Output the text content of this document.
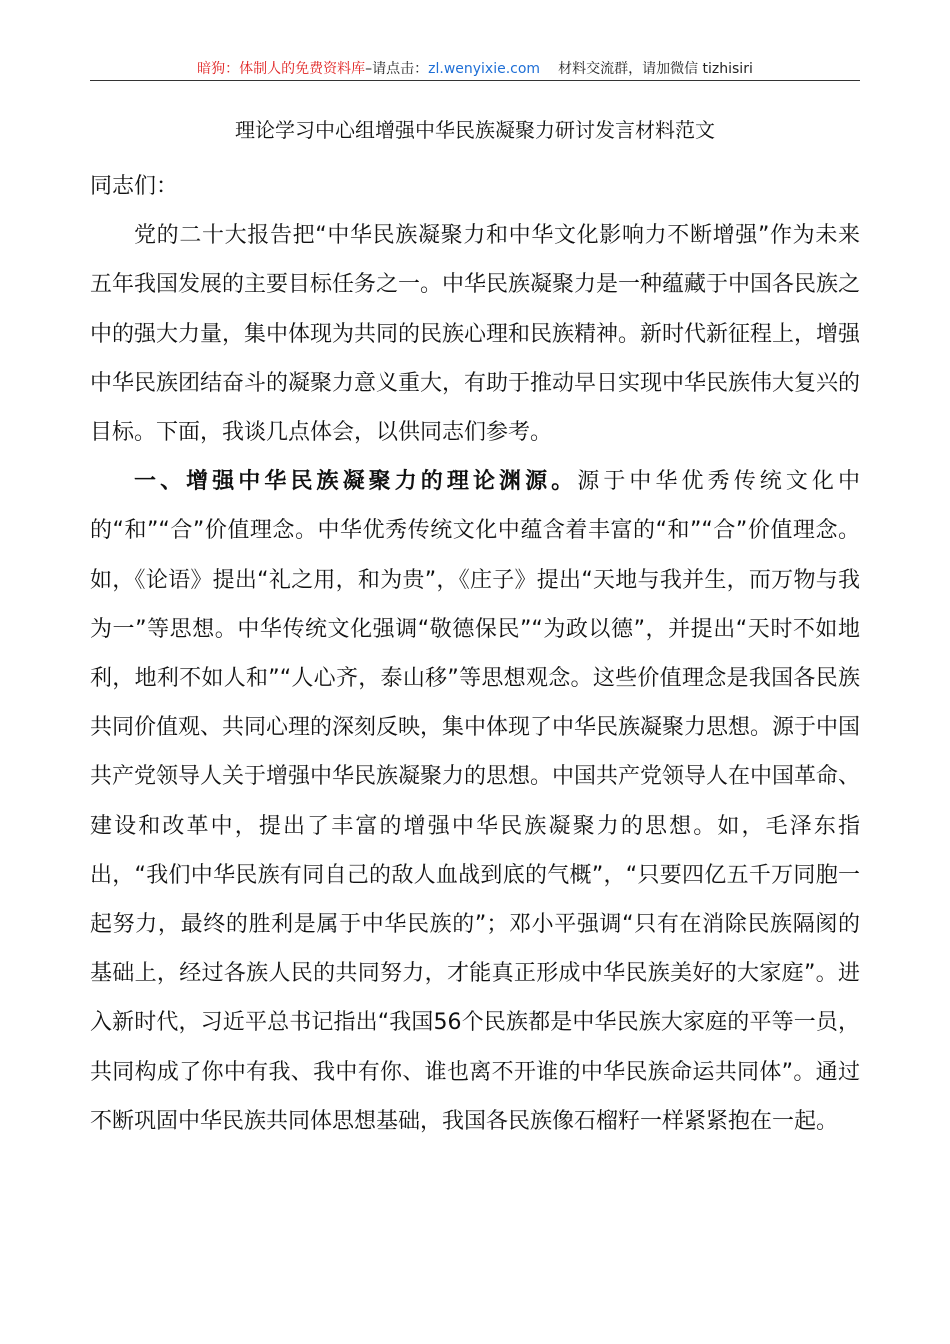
暗狗：体制人的免费资料库–请点击：zl.wenyixie.com 材料交流群，请加微信 tizhisiri
理论学习中心组增强中华民族凝聚力研讨发言材料范文

同志们：

党的二十大报告把“中华民族凝聚力和中华文化影响力不断增强”作为未来五年我国发展的主要目标任务之一。中华民族凝聚力是一种蕴藏于中国各民族之中的强大力量，集中体现为共同的民族心理和民族精神。新时代新征程上，增强中华民族团结奋斗的凝聚力意义重大，有助于推动早日实现中华民族伟大复兴的目标。下面，我谈几点体会，以供同志们参考。

一、增强中华民族凝聚力的理论渊源。源于中华优秀传统文化中的“和”“合”价值理念。中华优秀传统文化中蕴含着丰富的“和”“合”价值理念。如，《论语》提出“礼之用，和为贵”，《庄子》提出“天地与我并生，而万物与我为一”等思想。中华传统文化强调“敬德保民”“为政以德”，并提出“天时不如地利，地利不如人和”“人心齐，泰山移”等思想观念。这些价值理念是我国各民族共同价值观、共同心理的深刻反映，集中体现了中华民族凝聚力思想。源于中国共产党领导人关于增强中华民族凝聚力的思想。中国共产党领导人在中国革命、建设和改革中，提出了丰富的增强中华民族凝聚力的思想。如，毛泽东指出，“我们中华民族有同自己的敌人血战到底的气概”，“只要四亿五千万同胞一起努力，最终的胜利是属于中华民族的”；邓小平强调“只有在消除民族隔阂的基础上，经过各族人民的共同努力，才能真正形成中华民族美好的大家庭”。进入新时代，习近平总书记指出“我国56个民族都是中华民族大家庭的平等一员，共同构成了你中有我、我中有你、谁也离不开谁的中华民族命运共同体”。通过不断巩固中华民族共同体思想基础，我国各民族像石榴籽一样紧紧抱在一起。
